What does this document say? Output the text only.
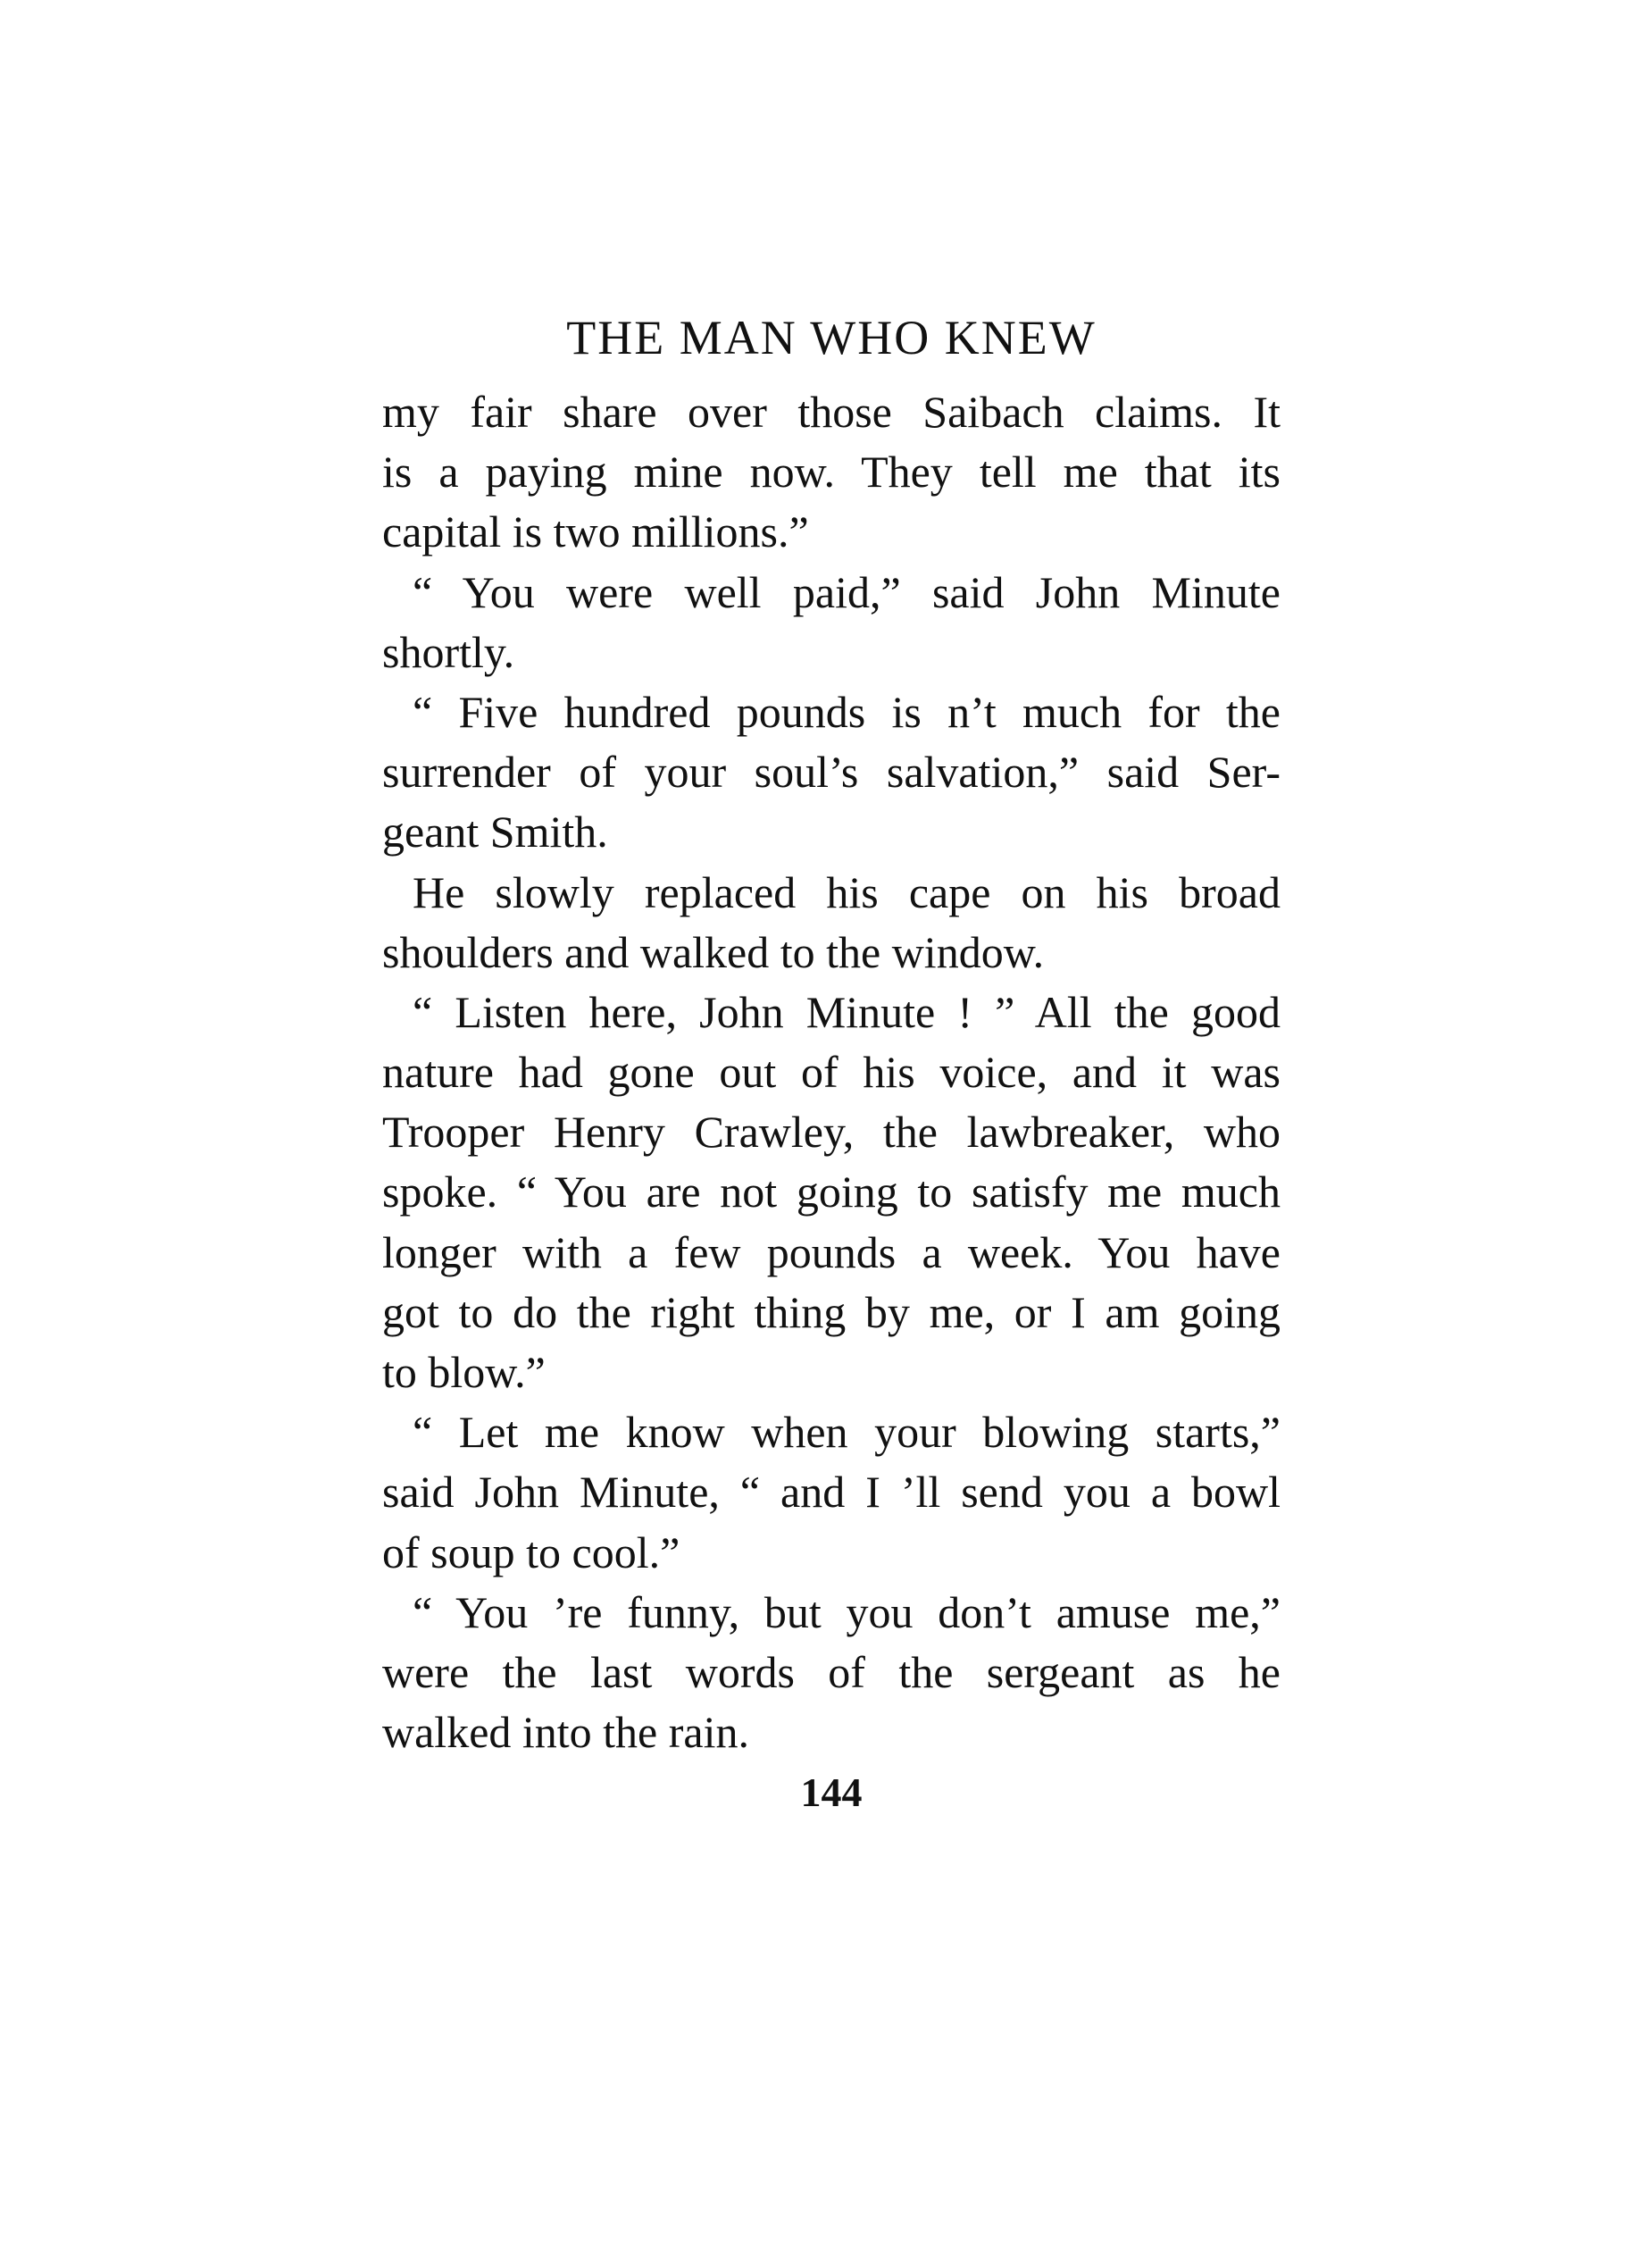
THE MAN WHO KNEW
my fair share over those Saibach claims. It
is a paying mine now. They tell me that its
capital is two millions.”
“ You were well paid,” said John Minute
shortly.
“ Five hundred pounds is n’t much for the
surrender of your soul’s salvation,” said Ser-
geant Smith.
He slowly replaced his cape on his broad
shoulders and walked to the window.
“ Listen here, John Minute ! ” All the good
nature had gone out of his voice, and it was
Trooper Henry Crawley, the lawbreaker, who
spoke. “ You are not going to satisfy me much
longer with a few pounds a week. You have
got to do the right thing by me, or I am going
to blow.”
“ Let me know when your blowing starts,”
said John Minute, “ and I ’ll send you a bowl
of soup to cool.”
“ You ’re funny, but you don’t amuse me,”
were the last words of the sergeant as he
walked into the rain.
144
